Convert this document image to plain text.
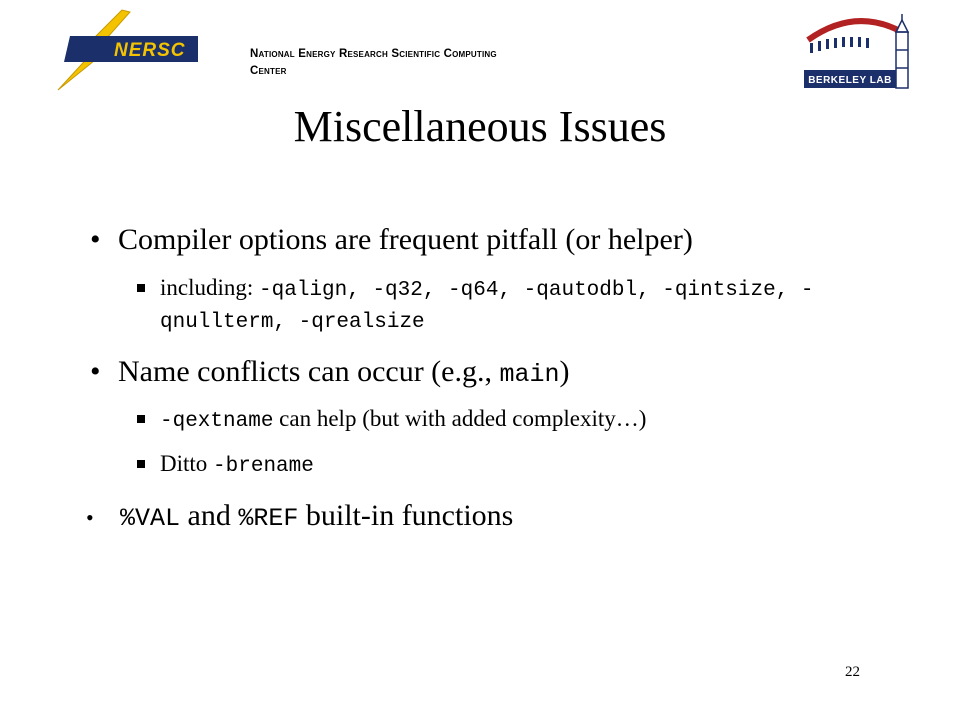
NERSC	National Energy Research Scientific Computing
Center
BERKELEY LAB
Miscellaneous Issues
• Compiler options are frequent pitfall (or helper)
including: -qalign, -q32, -q64, -qautodbl, -qintsize, -qnullterm, -qrealsize
• Name conflicts can occur (e.g., main)
-qextname can help (but with added complexity…)
Ditto -brename
• %VAL and %REF built-in functions
22
